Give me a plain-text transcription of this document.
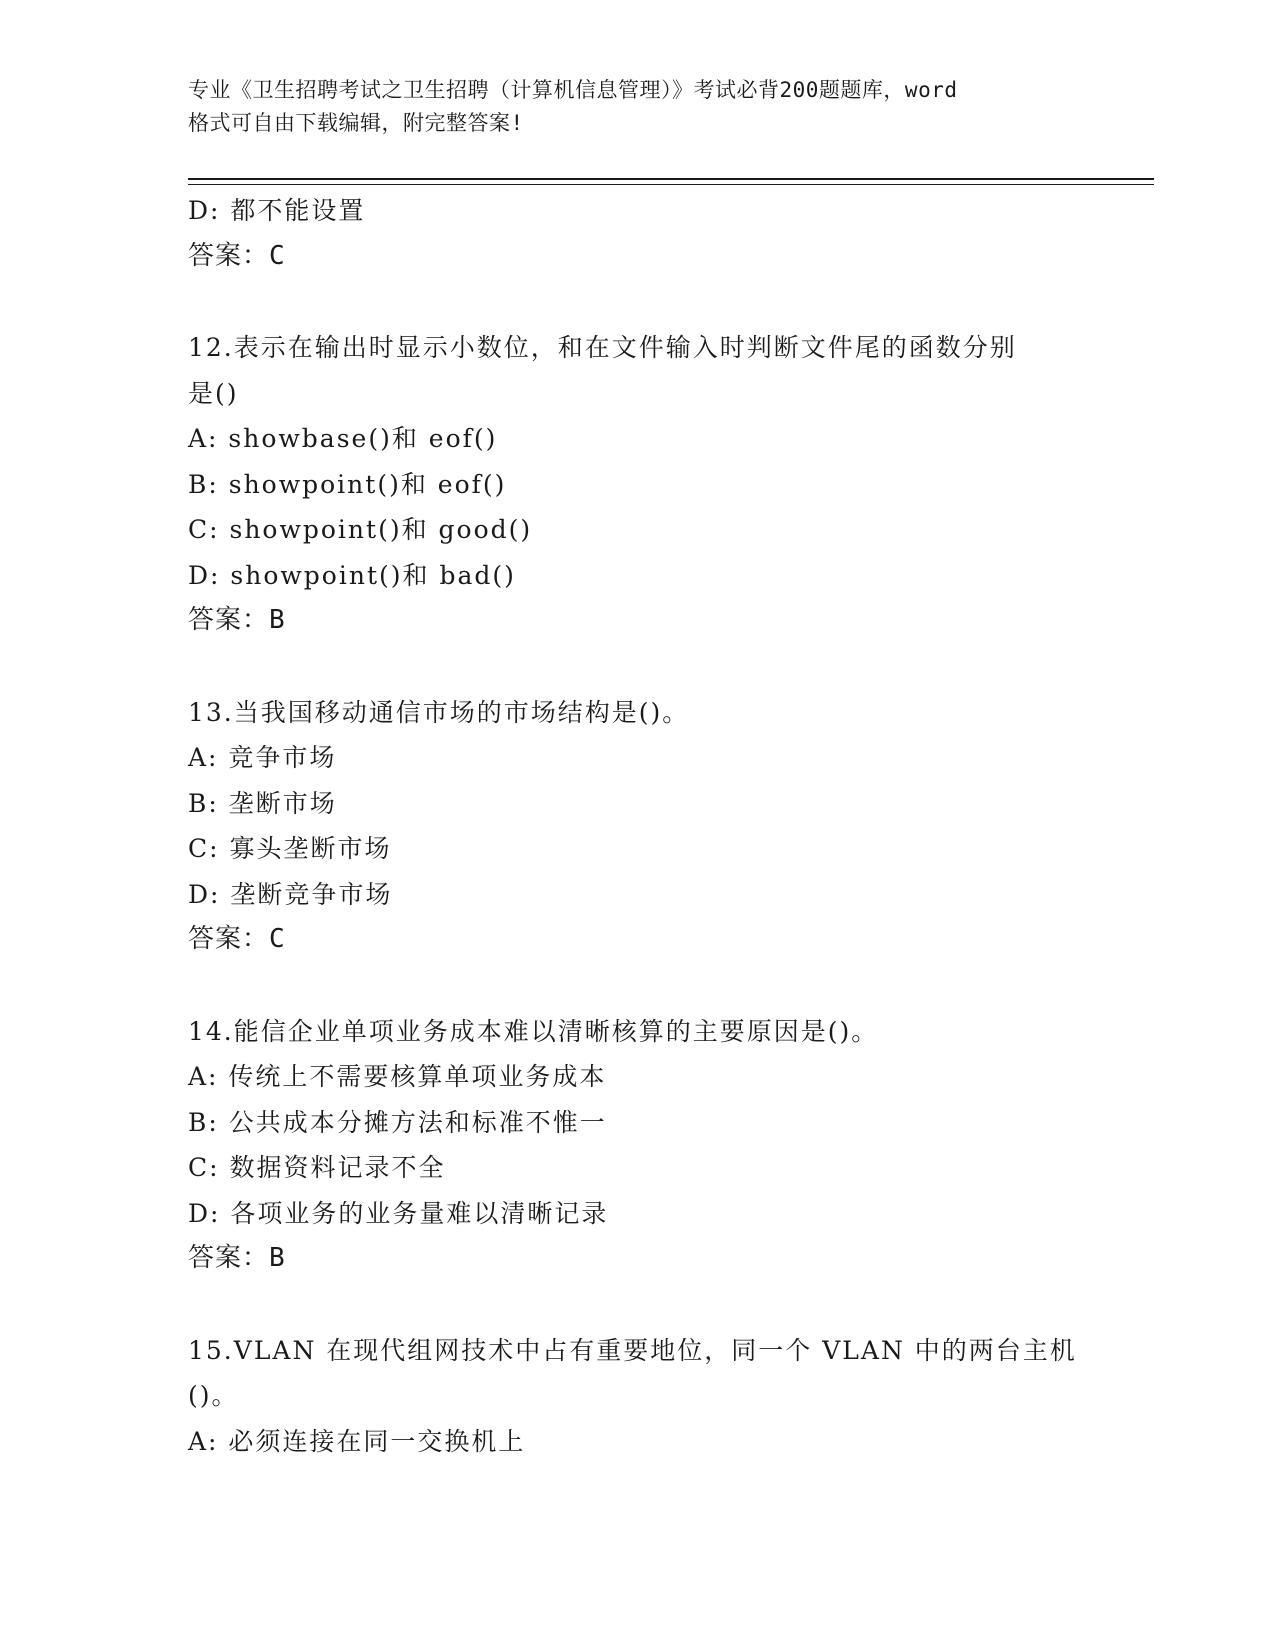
专业《卫生招聘考试之卫生招聘（计算机信息管理）》考试必背200题题库，word
格式可自由下载编辑，附完整答案!
D: 都不能设置
答案：C
12.表示在输出时显示小数位，和在文件输入时判断文件尾的函数分别
是()
A: showbase()和 eof()
B: showpoint()和 eof()
C: showpoint()和 good()
D: showpoint()和 bad()
答案：B
13.当我国移动通信市场的市场结构是()。
A: 竞争市场
B: 垄断市场
C: 寡头垄断市场
D: 垄断竞争市场
答案：C
14.能信企业单项业务成本难以清晰核算的主要原因是()。
A: 传统上不需要核算单项业务成本
B: 公共成本分摊方法和标准不惟一
C: 数据资料记录不全
D: 各项业务的业务量难以清晰记录
答案：B
15.VLAN 在现代组网技术中占有重要地位，同一个 VLAN 中的两台主机
()。
A: 必须连接在同一交换机上
